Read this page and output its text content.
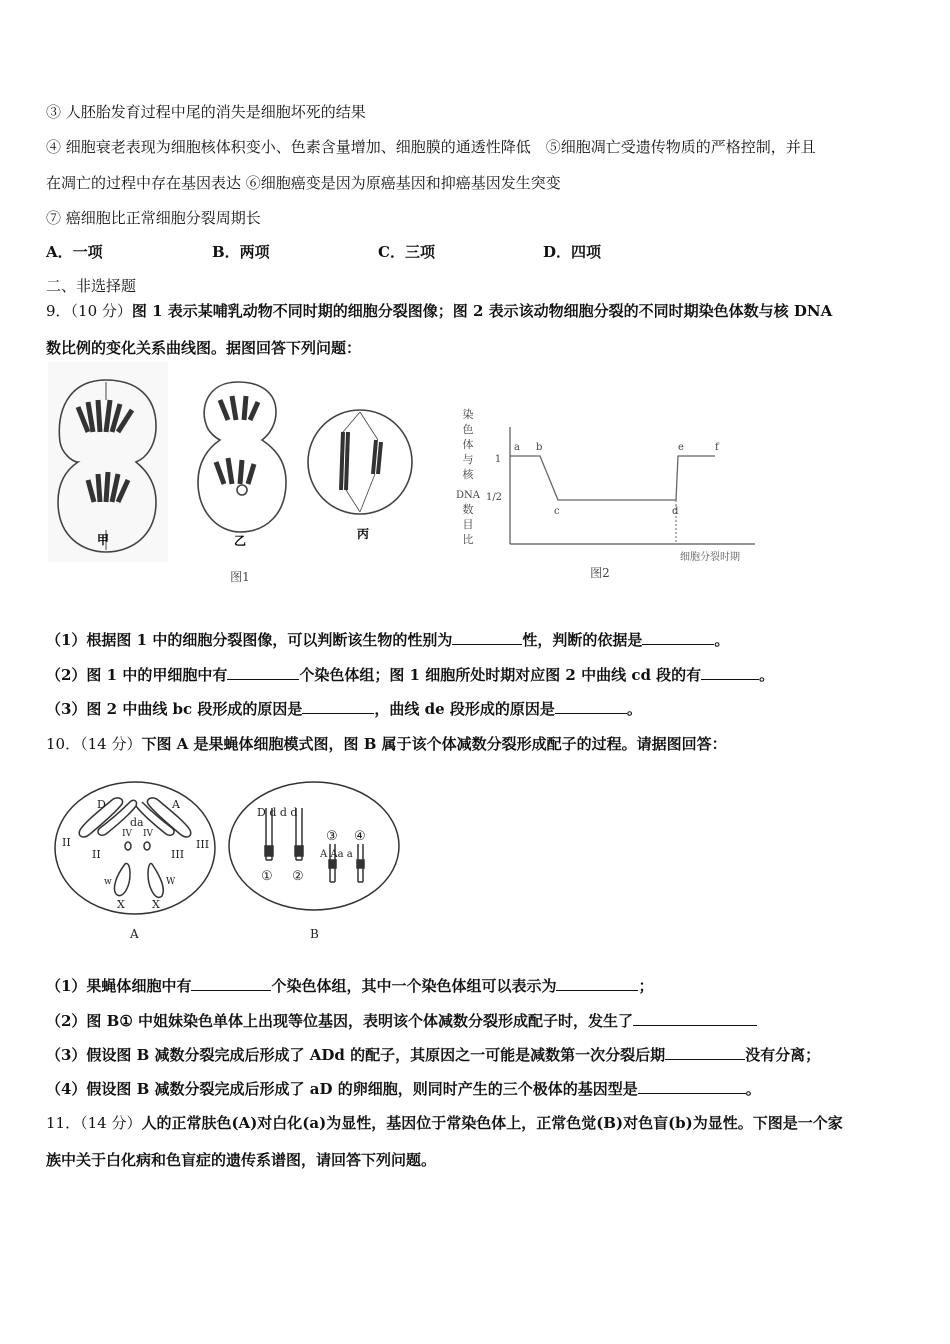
③ 人胚胎发育过程中尾的消失是细胞坏死的结果
④ 细胞衰老表现为细胞核体积变小、色素含量增加、细胞膜的通透性降低　⑤细胞凋亡受遗传物质的严格控制，并且
在凋亡的过程中存在基因表达 ⑥细胞癌变是因为原癌基因和抑癌基因发生突变
⑦ 癌细胞比正常细胞分裂周期长
A．一项	B．两项	C．三项	D．四项
二、非选择题
9．（10 分）图 1 表示某哺乳动物不同时期的细胞分裂图像；图 2 表示该动物细胞分裂的不同时期染色体数与核 DNA
数比例的变化关系曲线图。据图回答下列问题：
甲	乙	丙
图1
染
色
体
与
核
DNA
数
目
比
1
1/2
a b
c	d
e	f
细胞分裂时期
图2
（1）根据图 1 中的细胞分裂图像，可以判断该生物的性别为	性，判断的依据是	。
（2）图 1 中的甲细胞中有	个染色体组；图 1 细胞所处时期对应图 2 中曲线 cd 段的有	。
（3）图 2 中曲线 bc 段形成的原因是	，曲线 de 段形成的原因是	。
10．（14 分）下图 A 是果蝇体细胞模式图，图 B 属于该个体减数分裂形成配子的过程。请据图回答：
D	A
da
II
II
III
III
IV IV
w	W
X X
A
D d d d
① ②
③ ④
A Aa a
B
（1）果蝇体细胞中有	个染色体组，其中一个染色体组可以表示为	；
（2）图 B① 中姐妹染色单体上出现等位基因，表明该个体减数分裂形成配子时，发生了
（3）假设图 B 减数分裂完成后形成了 ADd 的配子，其原因之一可能是减数第一次分裂后期	没有分离；
（4）假设图 B 减数分裂完成后形成了 aD 的卵细胞，则同时产生的三个极体的基因型是	。
11．（14 分）人的正常肤色(A)对白化(a)为显性，基因位于常染色体上，正常色觉(B)对色盲(b)为显性。下图是一个家
族中关于白化病和色盲症的遗传系谱图，请回答下列问题。
